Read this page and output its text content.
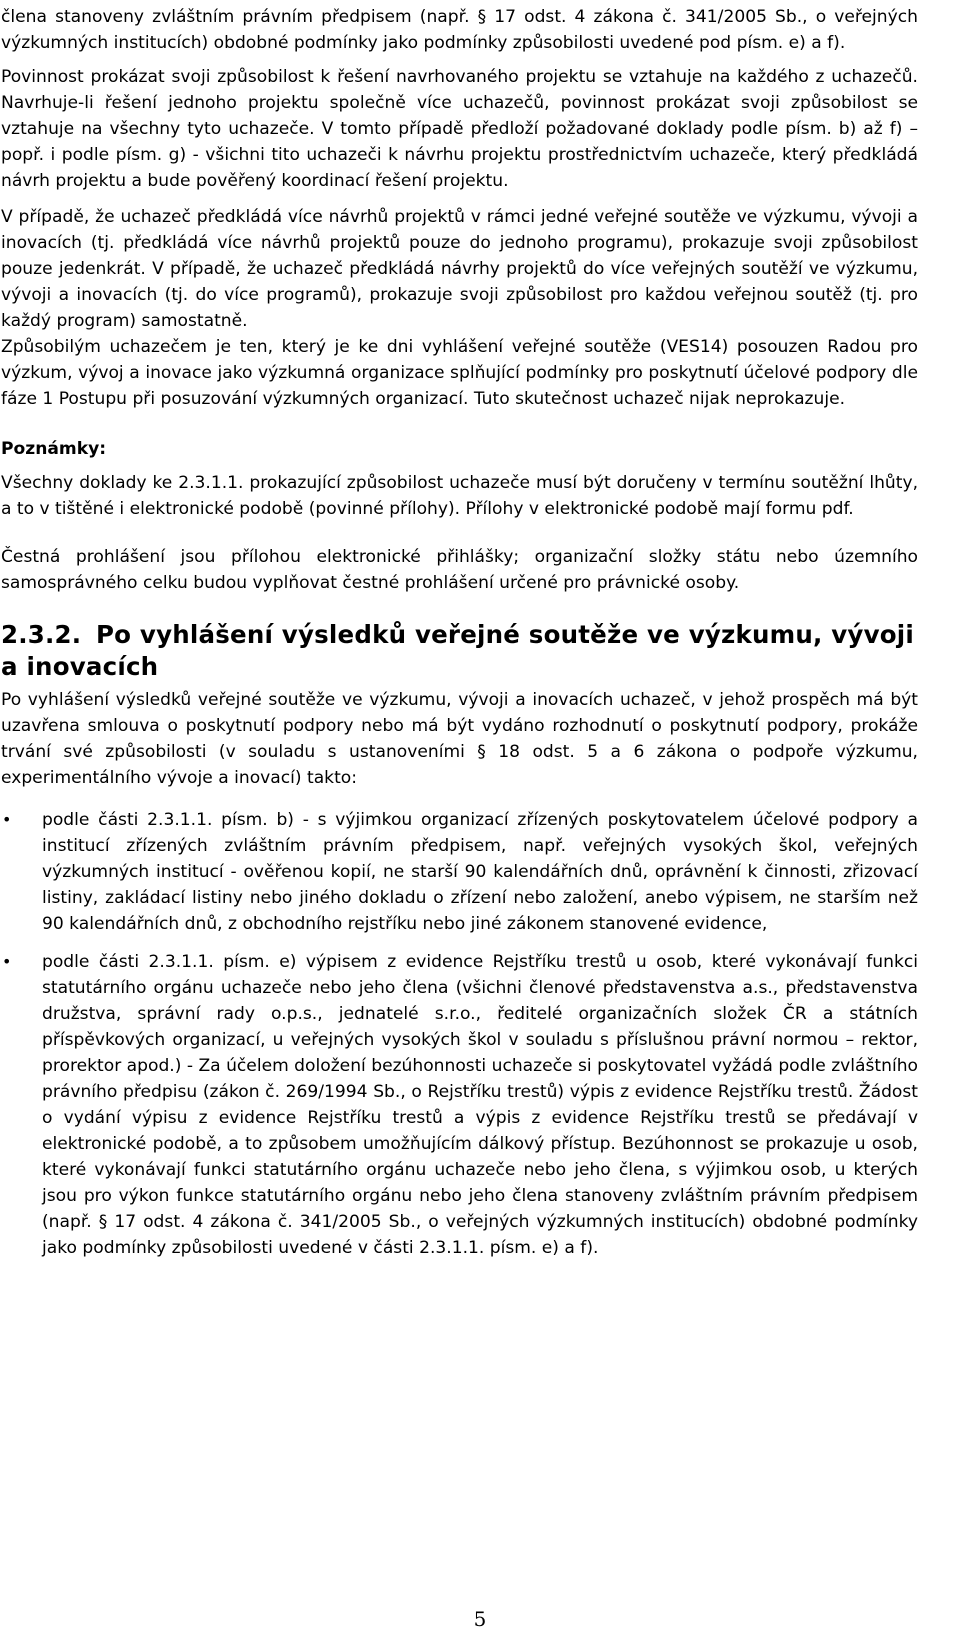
člena stanoveny zvláštním právním předpisem (např. § 17 odst. 4 zákona č. 341/2005 Sb., o veřejných výzkumných institucích) obdobné podmínky jako podmínky způsobilosti uvedené pod písm. e) a f).

Povinnost prokázat svoji způsobilost k řešení navrhovaného projektu se vztahuje na každého z uchazečů. Navrhuje-li řešení jednoho projektu společně více uchazečů, povinnost prokázat svoji způsobilost se vztahuje na všechny tyto uchazeče. V tomto případě předloží požadované doklady podle písm. b) až f) – popř. i podle písm. g) - všichni tito uchazeči k návrhu projektu prostřednictvím uchazeče, který předkládá návrh projektu a bude pověřený koordinací řešení projektu.

V případě, že uchazeč předkládá více návrhů projektů v rámci jedné veřejné soutěže ve výzkumu, vývoji a inovacích (tj. předkládá více návrhů projektů pouze do jednoho programu), prokazuje svoji způsobilost pouze jedenkrát. V případě, že uchazeč předkládá návrhy projektů do více veřejných soutěží ve výzkumu, vývoji a inovacích (tj. do více programů), prokazuje svoji způsobilost pro každou veřejnou soutěž (tj. pro každý program) samostatně.

Způsobilým uchazečem je ten, který je ke dni vyhlášení veřejné soutěže (VES14) posouzen Radou pro výzkum, vývoj a inovace jako výzkumná organizace splňující podmínky pro poskytnutí účelové podpory dle fáze 1 Postupu při posuzování výzkumných organizací. Tuto skutečnost uchazeč nijak neprokazuje.

Poznámky:

Všechny doklady ke 2.3.1.1. prokazující způsobilost uchazeče musí být doručeny v termínu soutěžní lhůty, a to v tištěné i elektronické podobě (povinné přílohy). Přílohy v elektronické podobě mají formu pdf.

Čestná prohlášení jsou přílohou elektronické přihlášky; organizační složky státu nebo územního samosprávného celku budou vyplňovat čestné prohlášení určené pro právnické osoby.

2.3.2. Po vyhlášení výsledků veřejné soutěže ve výzkumu, vývoji a inovacích

Po vyhlášení výsledků veřejné soutěže ve výzkumu, vývoji a inovacích uchazeč, v jehož prospěch má být uzavřena smlouva o poskytnutí podpory nebo má být vydáno rozhodnutí o poskytnutí podpory, prokáže trvání své způsobilosti (v souladu s ustanoveními § 18 odst. 5 a 6 zákona o podpoře výzkumu, experimentálního vývoje a inovací) takto:

• podle části 2.3.1.1. písm. b) - s výjimkou organizací zřízených poskytovatelem účelové podpory a institucí zřízených zvláštním právním předpisem, např. veřejných vysokých škol, veřejných výzkumných institucí - ověřenou kopií, ne starší 90 kalendářních dnů, oprávnění k činnosti, zřizovací listiny, zakládací listiny nebo jiného dokladu o zřízení nebo založení, anebo výpisem, ne starším než 90 kalendářních dnů, z obchodního rejstříku nebo jiné zákonem stanovené evidence,
• podle části 2.3.1.1. písm. e) výpisem z evidence Rejstříku trestů u osob, které vykonávají funkci statutárního orgánu uchazeče nebo jeho člena (všichni členové představenstva a.s., představenstva družstva, správní rady o.p.s., jednatelé s.r.o., ředitelé organizačních složek ČR a státních příspěvkových organizací, u veřejných vysokých škol v souladu s příslušnou právní normou – rektor, prorektor apod.) - Za účelem doložení bezúhonnosti uchazeče si poskytovatel vyžádá podle zvláštního právního předpisu (zákon č. 269/1994 Sb., o Rejstříku trestů) výpis z evidence Rejstříku trestů. Žádost o vydání výpisu z evidence Rejstříku trestů a výpis z evidence Rejstříku trestů se předávají v elektronické podobě, a to způsobem umožňujícím dálkový přístup. Bezúhonnost se prokazuje u osob, které vykonávají funkci statutárního orgánu uchazeče nebo jeho člena, s výjimkou osob, u kterých jsou pro výkon funkce statutárního orgánu nebo jeho člena stanoveny zvláštním právním předpisem (např. § 17 odst. 4 zákona č. 341/2005 Sb., o veřejných výzkumných institucích) obdobné podmínky jako podmínky způsobilosti uvedené v části 2.3.1.1. písm. e) a f).
5
